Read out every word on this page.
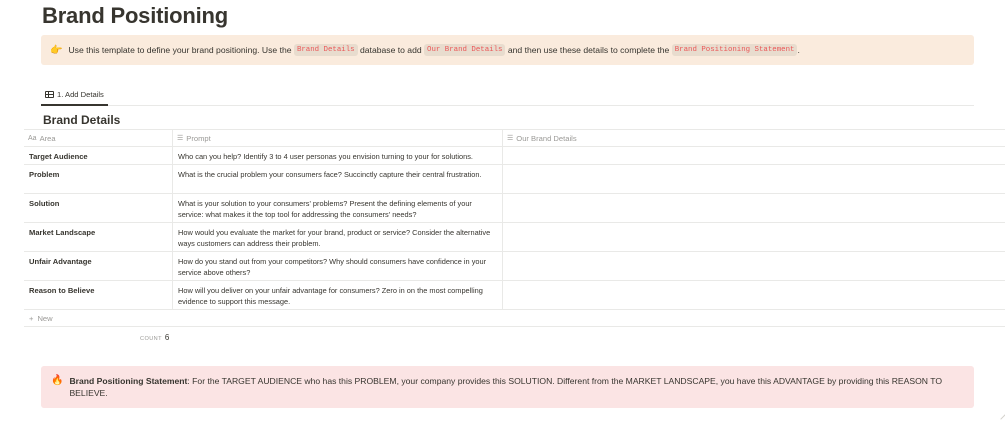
Brand Positioning
👉 Use this template to define your brand positioning. Use the
Brand Details
database to add
Our Brand Details
and then use these details to complete the
Brand Positioning Statement .
1. Add Details
Brand Details
Aa Area	☰ Prompt	☰ Our Brand Details
Target Audience	Who can you help? Identify 3 to 4 user personas you envision turning to your for solutions.
Problem	What is the crucial problem your consumers face? Succinctly capture their central frustration.
Solution	What is your solution to your consumers' problems? Present the defining elements of your service: what makes it the top tool for addressing the consumers' needs?
Market Landscape	How would you evaluate the market for your brand, product or service? Consider the alternative ways customers can address their problem.
Unfair Advantage	How do you stand out from your competitors? Why should consumers have confidence in your service above others?
Reason to Believe	How will you deliver on your unfair advantage for consumers? Zero in on the most compelling evidence to support this message.
+ New
COUNT 6
🔥 Brand Positioning Statement: For the TARGET AUDIENCE who has this PROBLEM, your company provides this SOLUTION. Different from the MARKET LANDSCAPE, you have this ADVANTAGE by providing this REASON TO BELIEVE.
